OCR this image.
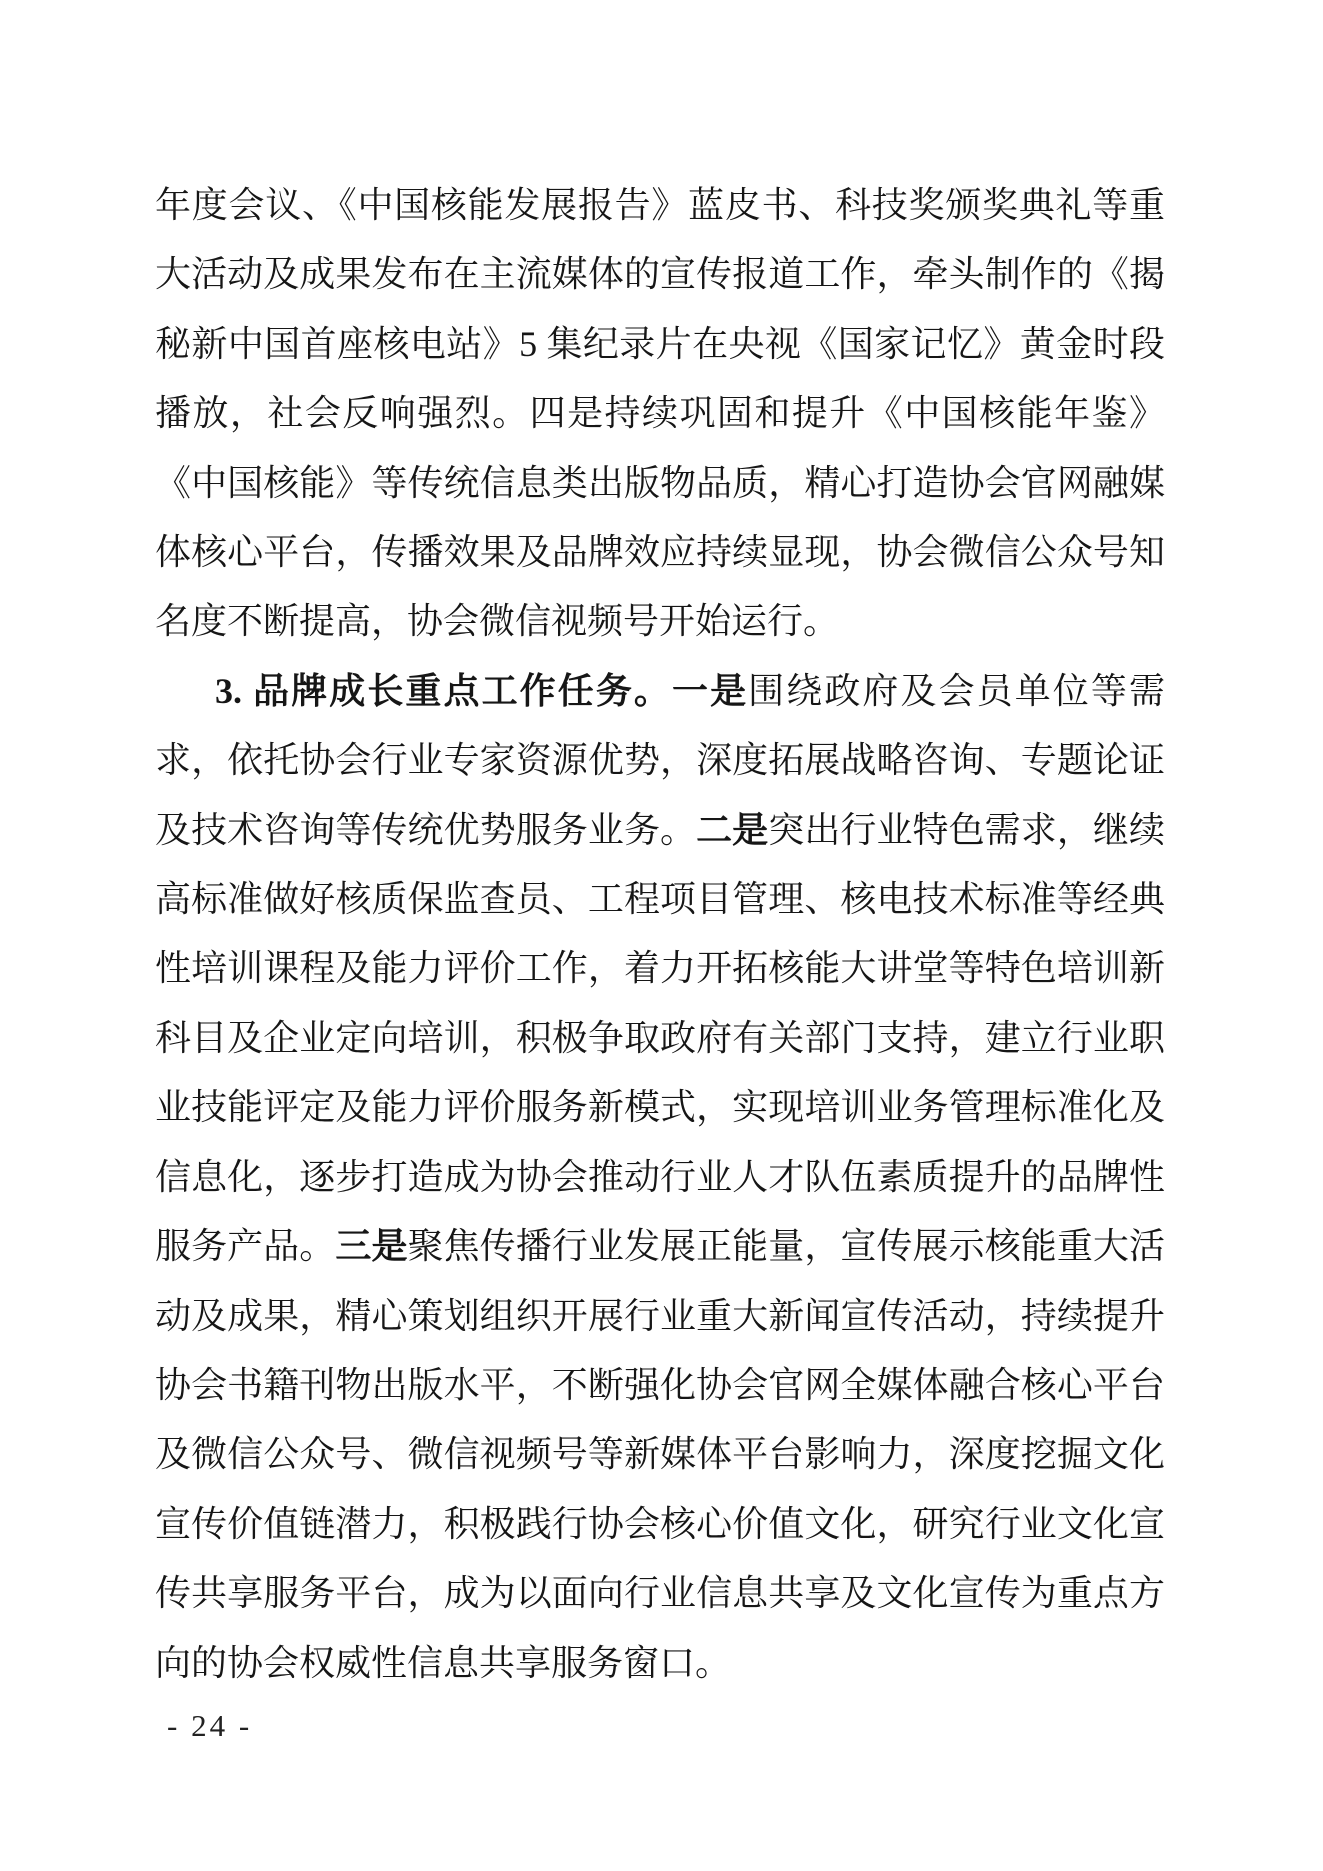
年度会议、《中国核能发展报告》蓝皮书、科技奖颁奖典礼等重大活动及成果发布在主流媒体的宣传报道工作，牵头制作的《揭秘新中国首座核电站》5 集纪录片在央视《国家记忆》黄金时段播放，社会反响强烈。四是持续巩固和提升《中国核能年鉴》《中国核能》等传统信息类出版物品质，精心打造协会官网融媒体核心平台，传播效果及品牌效应持续显现，协会微信公众号知名度不断提高，协会微信视频号开始运行。

3. 品牌成长重点工作任务。一是围绕政府及会员单位等需求，依托协会行业专家资源优势，深度拓展战略咨询、专题论证及技术咨询等传统优势服务业务。二是突出行业特色需求，继续高标准做好核质保监查员、工程项目管理、核电技术标准等经典性培训课程及能力评价工作，着力开拓核能大讲堂等特色培训新科目及企业定向培训，积极争取政府有关部门支持，建立行业职业技能评定及能力评价服务新模式，实现培训业务管理标准化及信息化，逐步打造成为协会推动行业人才队伍素质提升的品牌性服务产品。三是聚焦传播行业发展正能量，宣传展示核能重大活动及成果，精心策划组织开展行业重大新闻宣传活动，持续提升协会书籍刊物出版水平，不断强化协会官网全媒体融合核心平台及微信公众号、微信视频号等新媒体平台影响力，深度挖掘文化宣传价值链潜力，积极践行协会核心价值文化，研究行业文化宣传共享服务平台，成为以面向行业信息共享及文化宣传为重点方向的协会权威性信息共享服务窗口。

- 24 -
